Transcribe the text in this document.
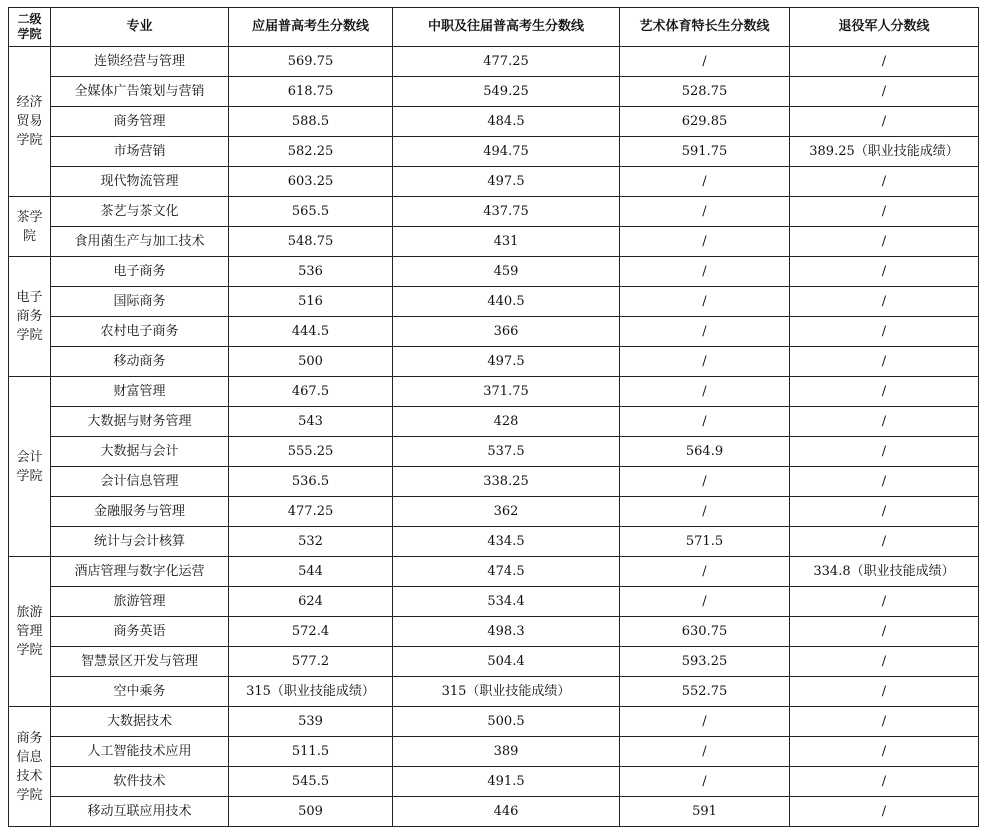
二级
学院	专业	应届普高考生分数线	中职及往届普高考生分数线	艺术体育特长生分数线	退役军人分数线

经济
贸易
学院	连锁经营与管理	569.75	477.25	/	/
	全媒体广告策划与营销	618.75	549.25	528.75	/
	商务管理	588.5	484.5	629.85	/
	市场营销	582.25	494.75	591.75	389.25（职业技能成绩）
	现代物流管理	603.25	497.5	/	/

茶学
院	茶艺与茶文化	565.5	437.75	/	/
	食用菌生产与加工技术	548.75	431	/	/

电子
商务
学院	电子商务	536	459	/	/
	国际商务	516	440.5	/	/
	农村电子商务	444.5	366	/	/
	移动商务	500	497.5	/	/

会计
学院	财富管理	467.5	371.75	/	/
	大数据与财务管理	543	428	/	/
	大数据与会计	555.25	537.5	564.9	/
	会计信息管理	536.5	338.25	/	/
	金融服务与管理	477.25	362	/	/
	统计与会计核算	532	434.5	571.5	/

旅游
管理
学院	酒店管理与数字化运营	544	474.5	/	334.8（职业技能成绩）
	旅游管理	624	534.4	/	/
	商务英语	572.4	498.3	630.75	/
	智慧景区开发与管理	577.2	504.4	593.25	/
	空中乘务	315（职业技能成绩）	315（职业技能成绩）	552.75	/

商务
信息
技术
学院	大数据技术	539	500.5	/	/
	人工智能技术应用	511.5	389	/	/
	软件技术	545.5	491.5	/	/
	移动互联应用技术	509	446	591	/
